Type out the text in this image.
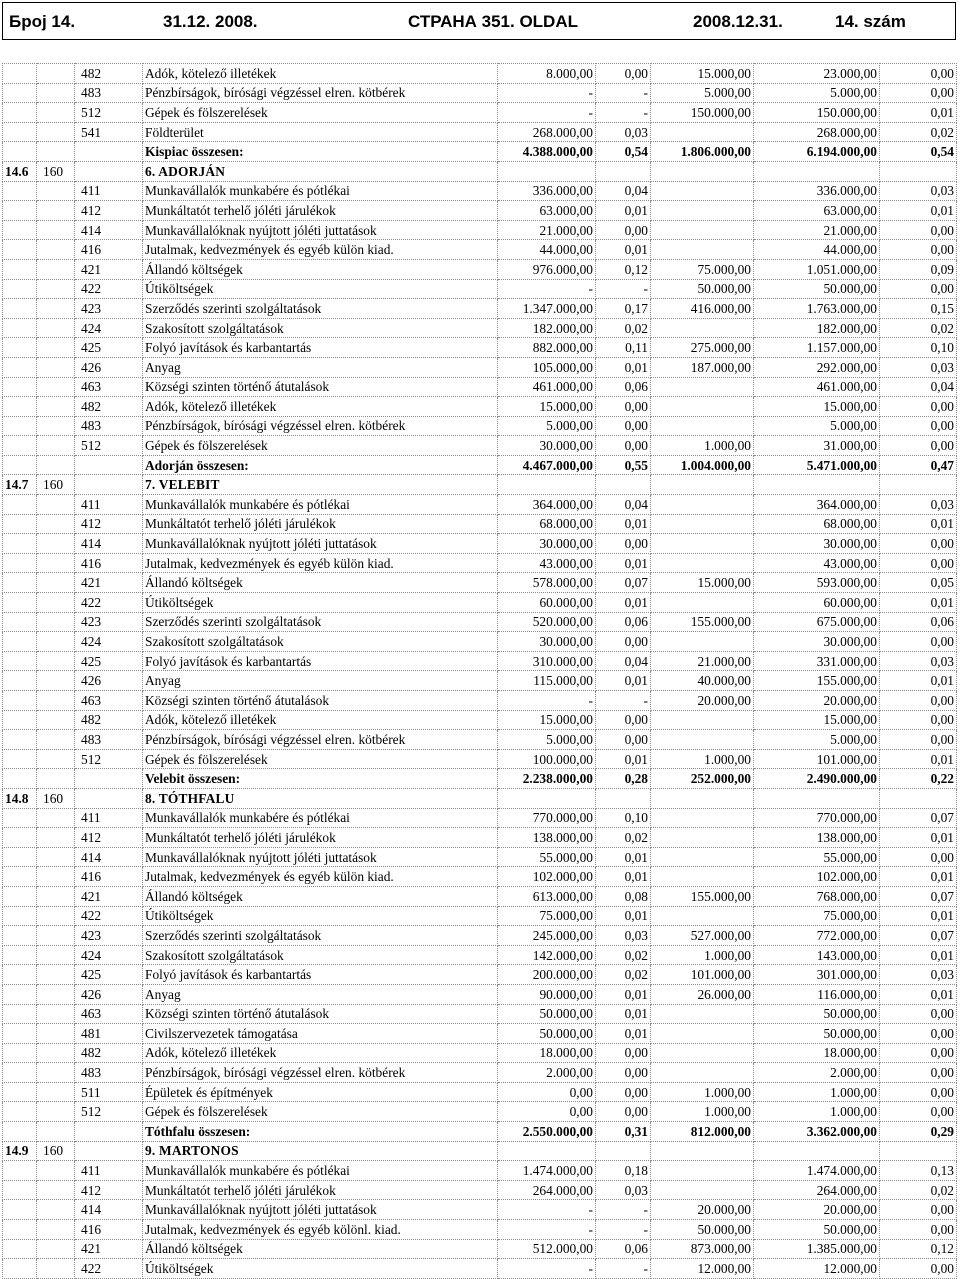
Број 14.	31.12. 2008.	СТРАНА 351. OLDAL	2008.12.31.	14. szám
		482	Adók, kötelező illetékek	8.000,00	0,00	15.000,00	23.000,00	0,00
		483	Pénzbírságok, bírósági végzéssel elren. kötbérek	-	-	5.000,00	5.000,00	0,00
		512	Gépek és fölszerelések	-	-	150.000,00	150.000,00	0,01
		541	Földterület	268.000,00	0,03		268.000,00	0,02
			Kispiac összesen:	4.388.000,00	0,54	1.806.000,00	6.194.000,00	0,54
14.6	160		6. ADORJÁN					
		411	Munkavállalók munkabére és pótlékai	336.000,00	0,04		336.000,00	0,03
		412	Munkáltatót terhelő jóléti járulékok	63.000,00	0,01		63.000,00	0,01
		414	Munkavállalóknak nyújtott jóléti juttatások	21.000,00	0,00		21.000,00	0,00
		416	Jutalmak, kedvezmények és egyéb külön kiad.	44.000,00	0,01		44.000,00	0,00
		421	Állandó költségek	976.000,00	0,12	75.000,00	1.051.000,00	0,09
		422	Útiköltségek	-	-	50.000,00	50.000,00	0,00
		423	Szerződés szerinti szolgáltatások	1.347.000,00	0,17	416.000,00	1.763.000,00	0,15
		424	Szakosított szolgáltatások	182.000,00	0,02		182.000,00	0,02
		425	Folyó javítások és karbantartás	882.000,00	0,11	275.000,00	1.157.000,00	0,10
		426	Anyag	105.000,00	0,01	187.000,00	292.000,00	0,03
		463	Községi szinten történő átutalások	461.000,00	0,06		461.000,00	0,04
		482	Adók, kötelező illetékek	15.000,00	0,00		15.000,00	0,00
		483	Pénzbírságok, bírósági végzéssel elren. kötbérek	5.000,00	0,00		5.000,00	0,00
		512	Gépek és fölszerelések	30.000,00	0,00	1.000,00	31.000,00	0,00
			Adorján összesen:	4.467.000,00	0,55	1.004.000,00	5.471.000,00	0,47
14.7	160		7. VELEBIT					
		411	Munkavállalók munkabére és pótlékai	364.000,00	0,04		364.000,00	0,03
		412	Munkáltatót terhelő jóléti járulékok	68.000,00	0,01		68.000,00	0,01
		414	Munkavállalóknak nyújtott jóléti juttatások	30.000,00	0,00		30.000,00	0,00
		416	Jutalmak, kedvezmények és egyéb külön kiad.	43.000,00	0,01		43.000,00	0,00
		421	Állandó költségek	578.000,00	0,07	15.000,00	593.000,00	0,05
		422	Útiköltségek	60.000,00	0,01		60.000,00	0,01
		423	Szerződés szerinti szolgáltatások	520.000,00	0,06	155.000,00	675.000,00	0,06
		424	Szakosított szolgáltatások	30.000,00	0,00		30.000,00	0,00
		425	Folyó javítások és karbantartás	310.000,00	0,04	21.000,00	331.000,00	0,03
		426	Anyag	115.000,00	0,01	40.000,00	155.000,00	0,01
		463	Községi szinten történő átutalások	-	-	20.000,00	20.000,00	0,00
		482	Adók, kötelező illetékek	15.000,00	0,00		15.000,00	0,00
		483	Pénzbírságok, bírósági végzéssel elren. kötbérek	5.000,00	0,00		5.000,00	0,00
		512	Gépek és fölszerelések	100.000,00	0,01	1.000,00	101.000,00	0,01
			Velebit összesen:	2.238.000,00	0,28	252.000,00	2.490.000,00	0,22
14.8	160		8. TÓTHFALU					
		411	Munkavállalók munkabére és pótlékai	770.000,00	0,10		770.000,00	0,07
		412	Munkáltatót terhelő jóléti járulékok	138.000,00	0,02		138.000,00	0,01
		414	Munkavállalóknak nyújtott jóléti juttatások	55.000,00	0,01		55.000,00	0,00
		416	Jutalmak, kedvezmények és egyéb külön kiad.	102.000,00	0,01		102.000,00	0,01
		421	Állandó költségek	613.000,00	0,08	155.000,00	768.000,00	0,07
		422	Útiköltségek	75.000,00	0,01		75.000,00	0,01
		423	Szerződés szerinti szolgáltatások	245.000,00	0,03	527.000,00	772.000,00	0,07
		424	Szakosított szolgáltatások	142.000,00	0,02	1.000,00	143.000,00	0,01
		425	Folyó javítások és karbantartás	200.000,00	0,02	101.000,00	301.000,00	0,03
		426	Anyag	90.000,00	0,01	26.000,00	116.000,00	0,01
		463	Községi szinten történő átutalások	50.000,00	0,01		50.000,00	0,00
		481	Civilszervezetek támogatása	50.000,00	0,01		50.000,00	0,00
		482	Adók, kötelező illetékek	18.000,00	0,00		18.000,00	0,00
		483	Pénzbírságok, bírósági végzéssel elren. kötbérek	2.000,00	0,00		2.000,00	0,00
		511	Épületek és építmények	0,00	0,00	1.000,00	1.000,00	0,00
		512	Gépek és fölszerelések	0,00	0,00	1.000,00	1.000,00	0,00
			Tóthfalu összesen:	2.550.000,00	0,31	812.000,00	3.362.000,00	0,29
14.9	160		9. MARTONOS					
		411	Munkavállalók munkabére és pótlékai	1.474.000,00	0,18		1.474.000,00	0,13
		412	Munkáltatót terhelő jóléti járulékok	264.000,00	0,03		264.000,00	0,02
		414	Munkavállalóknak nyújtott jóléti juttatások	-	-	20.000,00	20.000,00	0,00
		416	Jutalmak, kedvezmények és egyéb kölönl. kiad.	-	-	50.000,00	50.000,00	0,00
		421	Állandó költségek	512.000,00	0,06	873.000,00	1.385.000,00	0,12
		422	Útiköltségek	-	-	12.000,00	12.000,00	0,00
